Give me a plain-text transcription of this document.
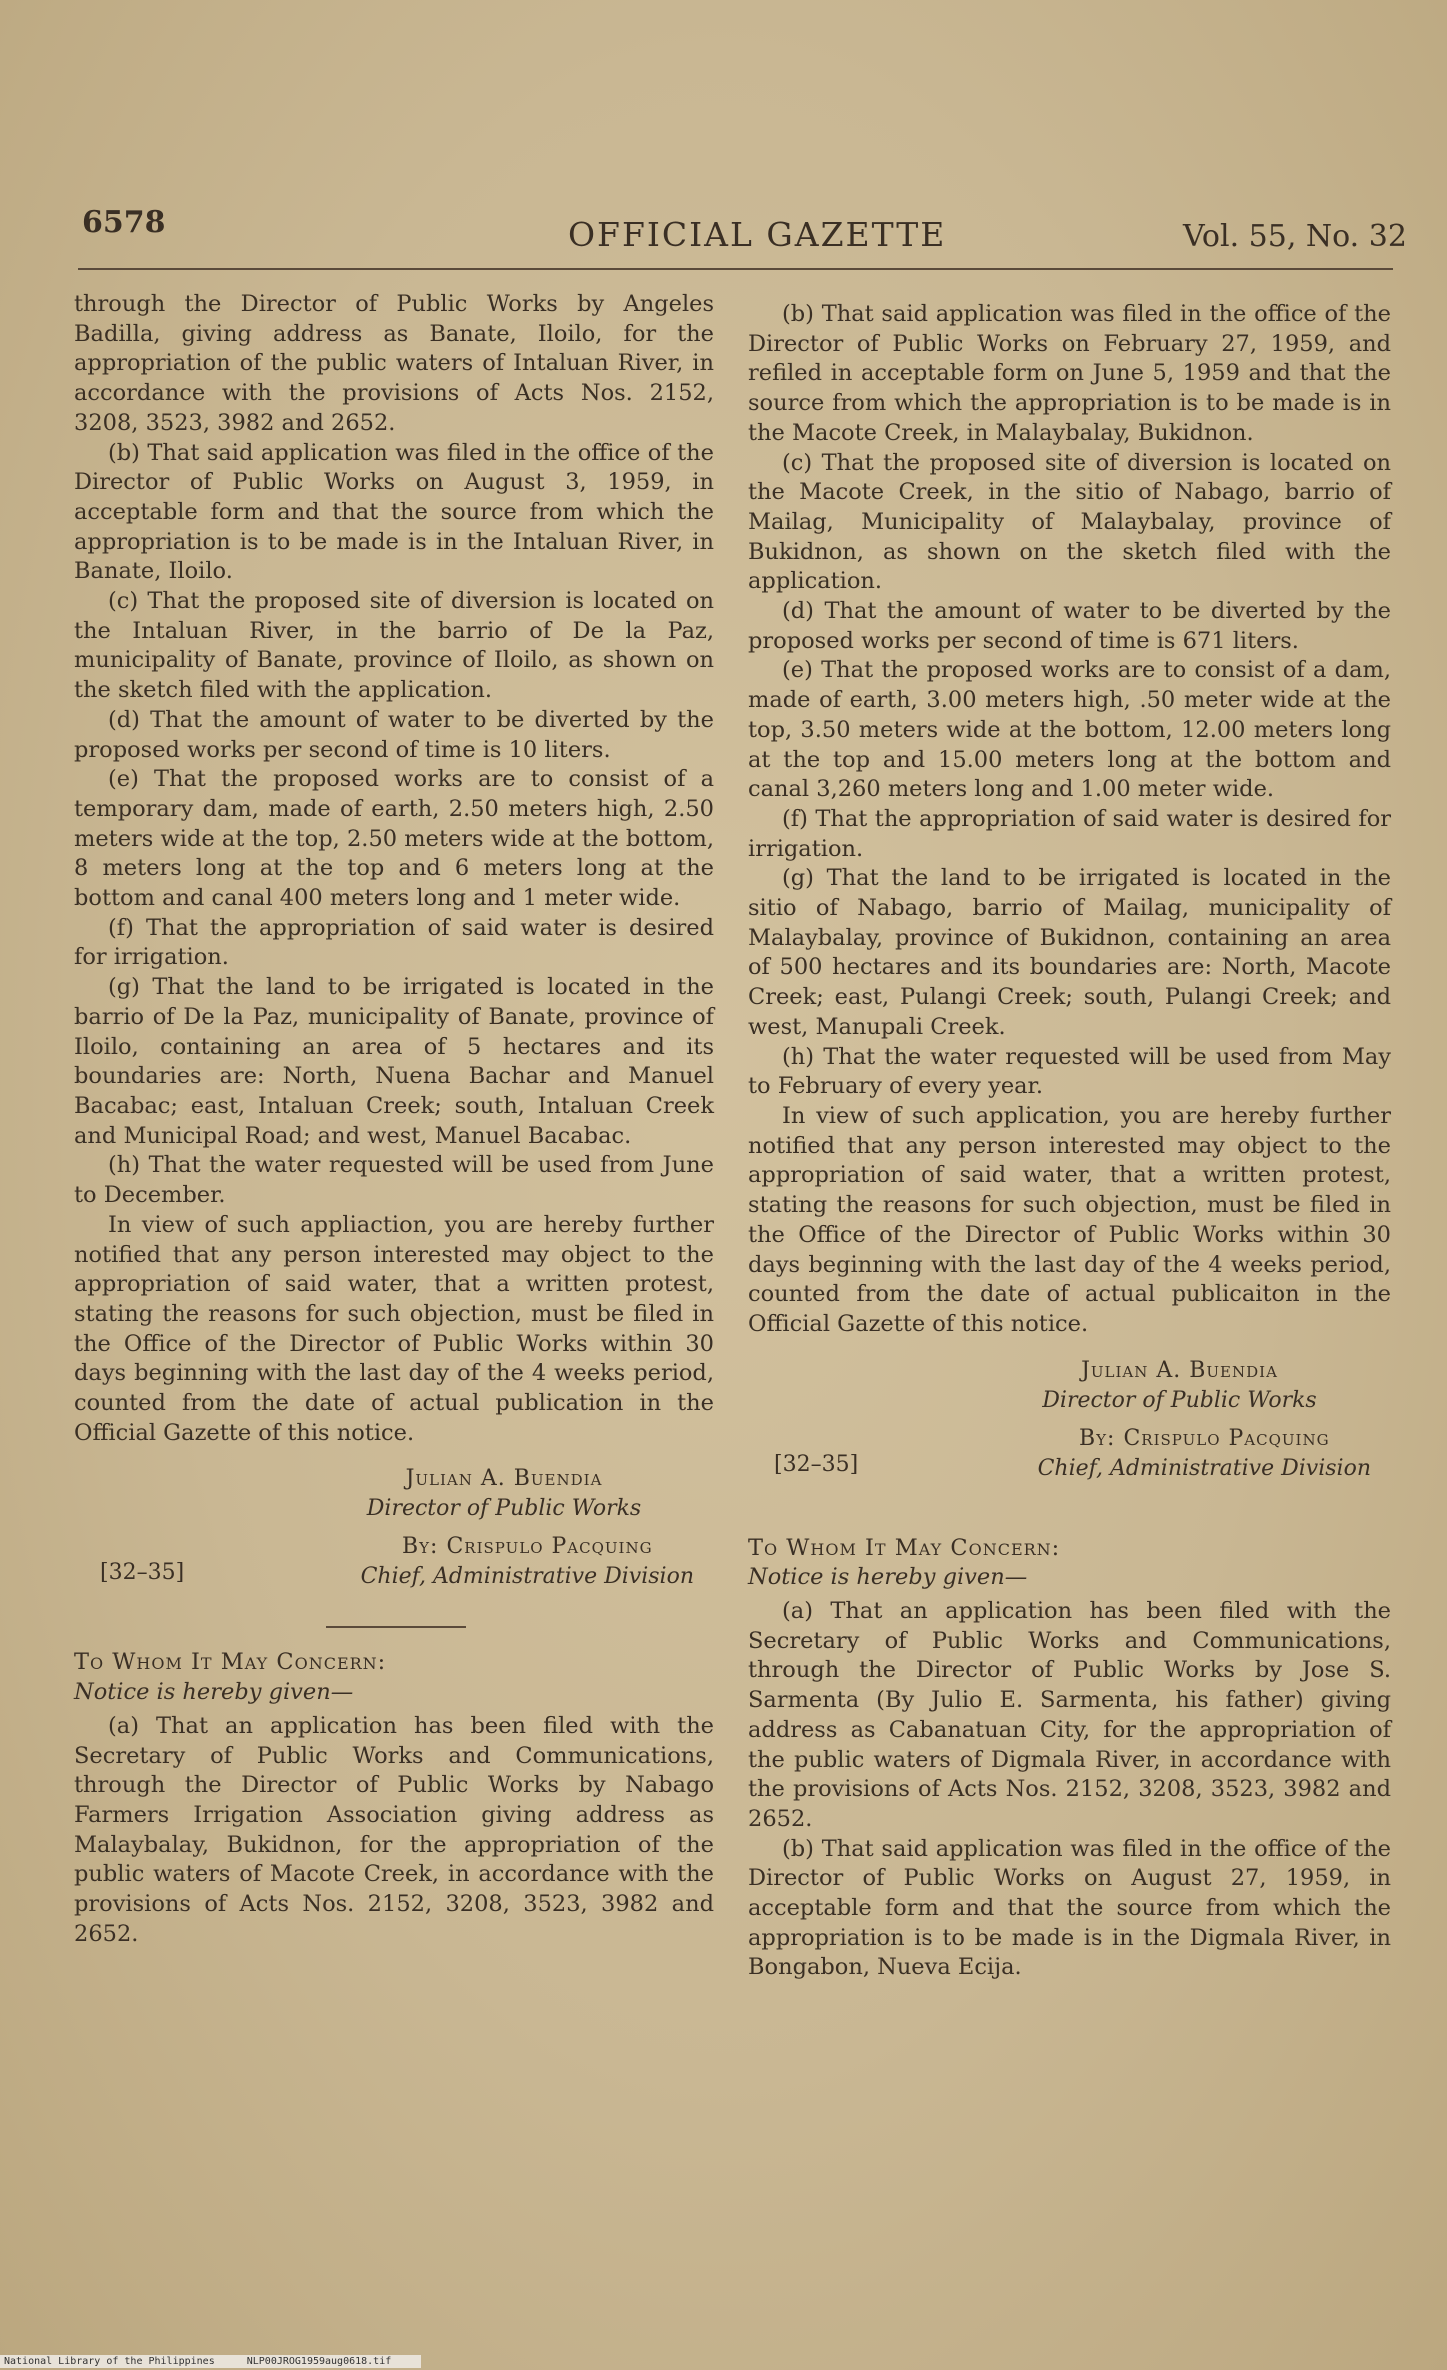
6578	OFFICIAL GAZETTE	Vol. 55, No. 32

through the Director of Public Works by Angeles Badilla, giving address as Banate, Iloilo, for the appropriation of the public waters of Intaluan River, in accordance with the provisions of Acts Nos. 2152, 3208, 3523, 3982 and 2652.

(b) That said application was filed in the office of the Director of Public Works on August 3, 1959, in acceptable form and that the source from which the appropriation is to be made is in the Intaluan River, in Banate, Iloilo.

(c) That the proposed site of diversion is located on the Intaluan River, in the barrio of De la Paz, municipality of Banate, province of Iloilo, as shown on the sketch filed with the application.

(d) That the amount of water to be diverted by the proposed works per second of time is 10 liters.

(e) That the proposed works are to consist of a temporary dam, made of earth, 2.50 meters high, 2.50 meters wide at the top, 2.50 meters wide at the bottom, 8 meters long at the top and 6 meters long at the bottom and canal 400 meters long and 1 meter wide.

(f) That the appropriation of said water is desired for irrigation.

(g) That the land to be irrigated is located in the barrio of De la Paz, municipality of Banate, province of Iloilo, containing an area of 5 hectares and its boundaries are: North, Nuena Bachar and Manuel Bacabac; east, Intaluan Creek; south, Intaluan Creek and Municipal Road; and west, Manuel Bacabac.

(h) That the water requested will be used from June to December.

In view of such appliaction, you are hereby further notified that any person interested may object to the appropriation of said water, that a written protest, stating the reasons for such objection, must be filed in the Office of the Director of Public Works within 30 days beginning with the last day of the 4 weeks period, counted from the date of actual publication in the Official Gazette of this notice.

Julian A. Buendia
Director of Public Works
[32–35]
By: Crispulo Pacquing
Chief, Administrative Division

To Whom It May Concern:

Notice is hereby given—

(a) That an application has been filed with the Secretary of Public Works and Communications, through the Director of Public Works by Nabago Farmers Irrigation Association giving address as Malaybalay, Bukidnon, for the appropriation of the public waters of Macote Creek, in accordance with the provisions of Acts Nos. 2152, 3208, 3523, 3982 and 2652.

(b) That said application was filed in the office of the Director of Public Works on February 27, 1959, and refiled in acceptable form on June 5, 1959 and that the source from which the appropriation is to be made is in the Macote Creek, in Malaybalay, Bukidnon.

(c) That the proposed site of diversion is located on the Macote Creek, in the sitio of Nabago, barrio of Mailag, Municipality of Malaybalay, province of Bukidnon, as shown on the sketch filed with the application.

(d) That the amount of water to be diverted by the proposed works per second of time is 671 liters.

(e) That the proposed works are to consist of a dam, made of earth, 3.00 meters high, .50 meter wide at the top, 3.50 meters wide at the bottom, 12.00 meters long at the top and 15.00 meters long at the bottom and canal 3,260 meters long and 1.00 meter wide.

(f) That the appropriation of said water is desired for irrigation.

(g) That the land to be irrigated is located in the sitio of Nabago, barrio of Mailag, municipality of Malaybalay, province of Bukidnon, containing an area of 500 hectares and its boundaries are: North, Macote Creek; east, Pulangi Creek; south, Pulangi Creek; and west, Manupali Creek.

(h) That the water requested will be used from May to February of every year.

In view of such application, you are hereby further notified that any person interested may object to the appropriation of said water, that a written protest, stating the reasons for such objection, must be filed in the Office of the Director of Public Works within 30 days beginning with the last day of the 4 weeks period, counted from the date of actual publicaiton in the Official Gazette of this notice.

Julian A. Buendia
Director of Public Works
[32–35]
By: Crispulo Pacquing
Chief, Administrative Division

To Whom It May Concern:

Notice is hereby given—

(a) That an application has been filed with the Secretary of Public Works and Communications, through the Director of Public Works by Jose S. Sarmenta (By Julio E. Sarmenta, his father) giving address as Cabanatuan City, for the appropriation of the public waters of Digmala River, in accordance with the provisions of Acts Nos. 2152, 3208, 3523, 3982 and 2652.

(b) That said application was filed in the office of the Director of Public Works on August 27, 1959, in acceptable form and that the source from which the appropriation is to be made is in the Digmala River, in Bongabon, Nueva Ecija.

National Library of the Philippines	NLP00JROG1959aug0618.tif
